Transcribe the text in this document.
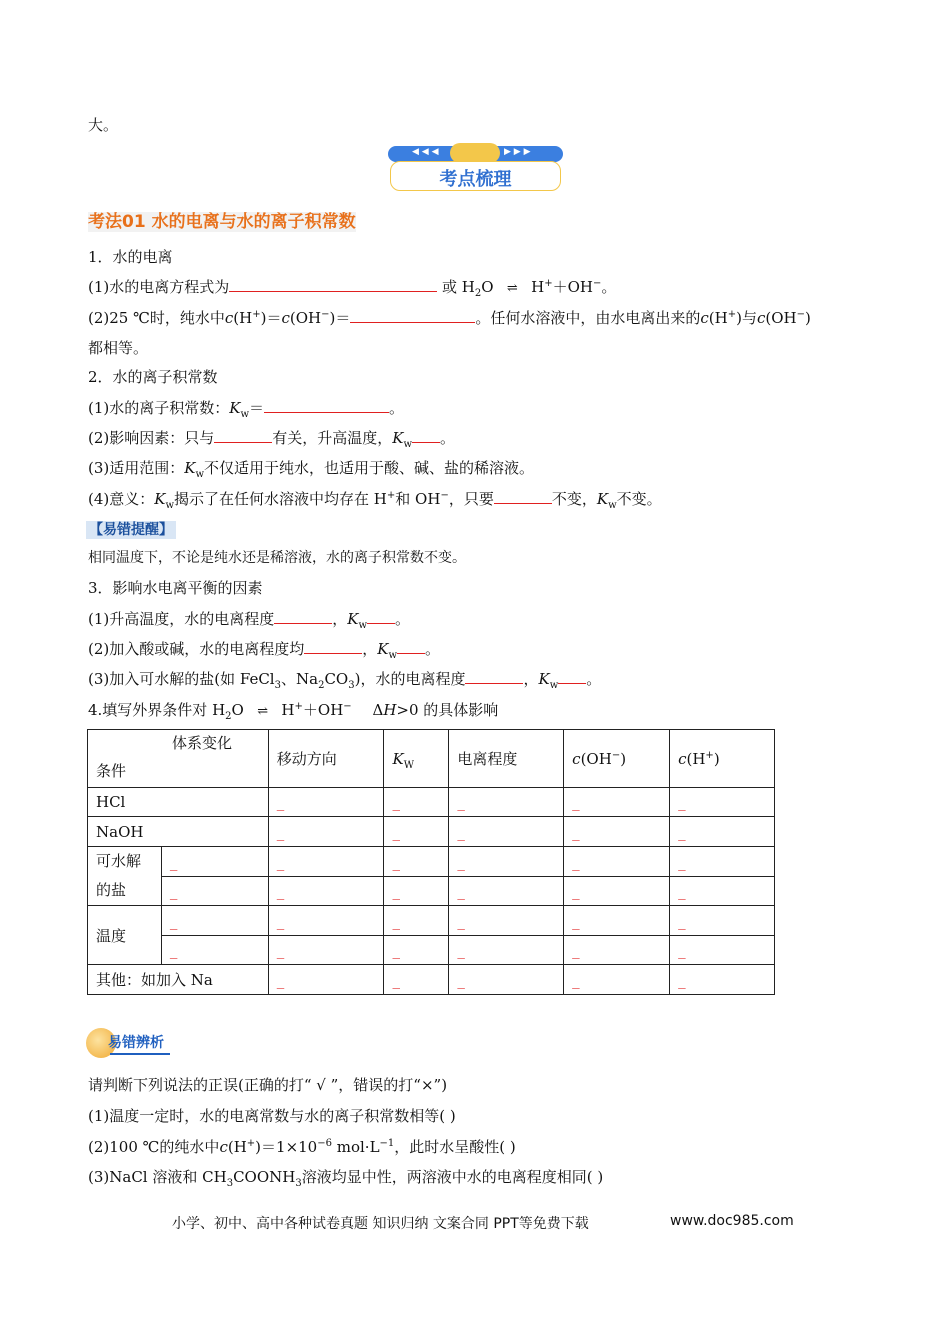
大。
◀ ◀ ◀	▶ ▶ ▶
考点梳理
考法01 水的电离与水的离子积常数
1．水的电离
(1)水的电离方程式为	或 $H_2O$ ⇌ H+＋OH−。
(2)25 ℃时，纯水中c(H+)＝c(OH−)＝	。任何水溶液中，由水电离出来的c(H+)与c(OH−)
都相等。
2．水的离子积常数
(1)水的离子积常数：$K_w=$	。
(2)影响因素：只与	有关，升高温度，$K_w$ 。
(3)适用范围：$K_w$不仅适用于纯水，也适用于酸、碱、盐的稀溶液。
(4)意义：$K_w$揭示了在任何水溶液中均存在 H+和 OH−，只要	不变，$K_w$不变。
【易错提醒】
相同温度下，不论是纯水还是稀溶液，水的离子积常数不变。
3．影响水电离平衡的因素
(1)升高温度，水的电离程度	，$K_w$ 。
(2)加入酸或碱，水的电离程度均	，$K_w$ 。
(3)加入可水解的盐(如 FeCl$_3$、$Na_2CO_3$)，水的电离程度	，$K_w$ 。
4.填写外界条件对 $H_2O$ ⇌ H+＋OH− ΔH>0 的具体影响
体系变化
条件		移动方向	$K_W$	电离程度	c(OH−)	c(H+)
HCl		_	_	_	_	_
NaOH		_	_	_	_	_
可水解的盐	_	_	_	_	_	_
	_	_	_	_	_	_
温度	_	_	_	_	_	_
	_	_	_	_	_	_
其他：如加入 Na		_	_	_	_	_
易错辨析
请判断下列说法的正误(正确的打“ √ ”，错误的打“×”)
(1)温度一定时，水的电离常数与水的离子积常数相等( )
(2)100 ℃的纯水中$c(H^+)=1\times 10^{-6}$ $mol\cdot L^{-1}$，此时水呈酸性( )
(3)NaCl 溶液和 $CH_3COONH_3$溶液均显中性，两溶液中水的电离程度相同( )
小学、初中、高中各种试卷真题 知识归纳 文案合同 PPT等免费下载	www.doc985.com
